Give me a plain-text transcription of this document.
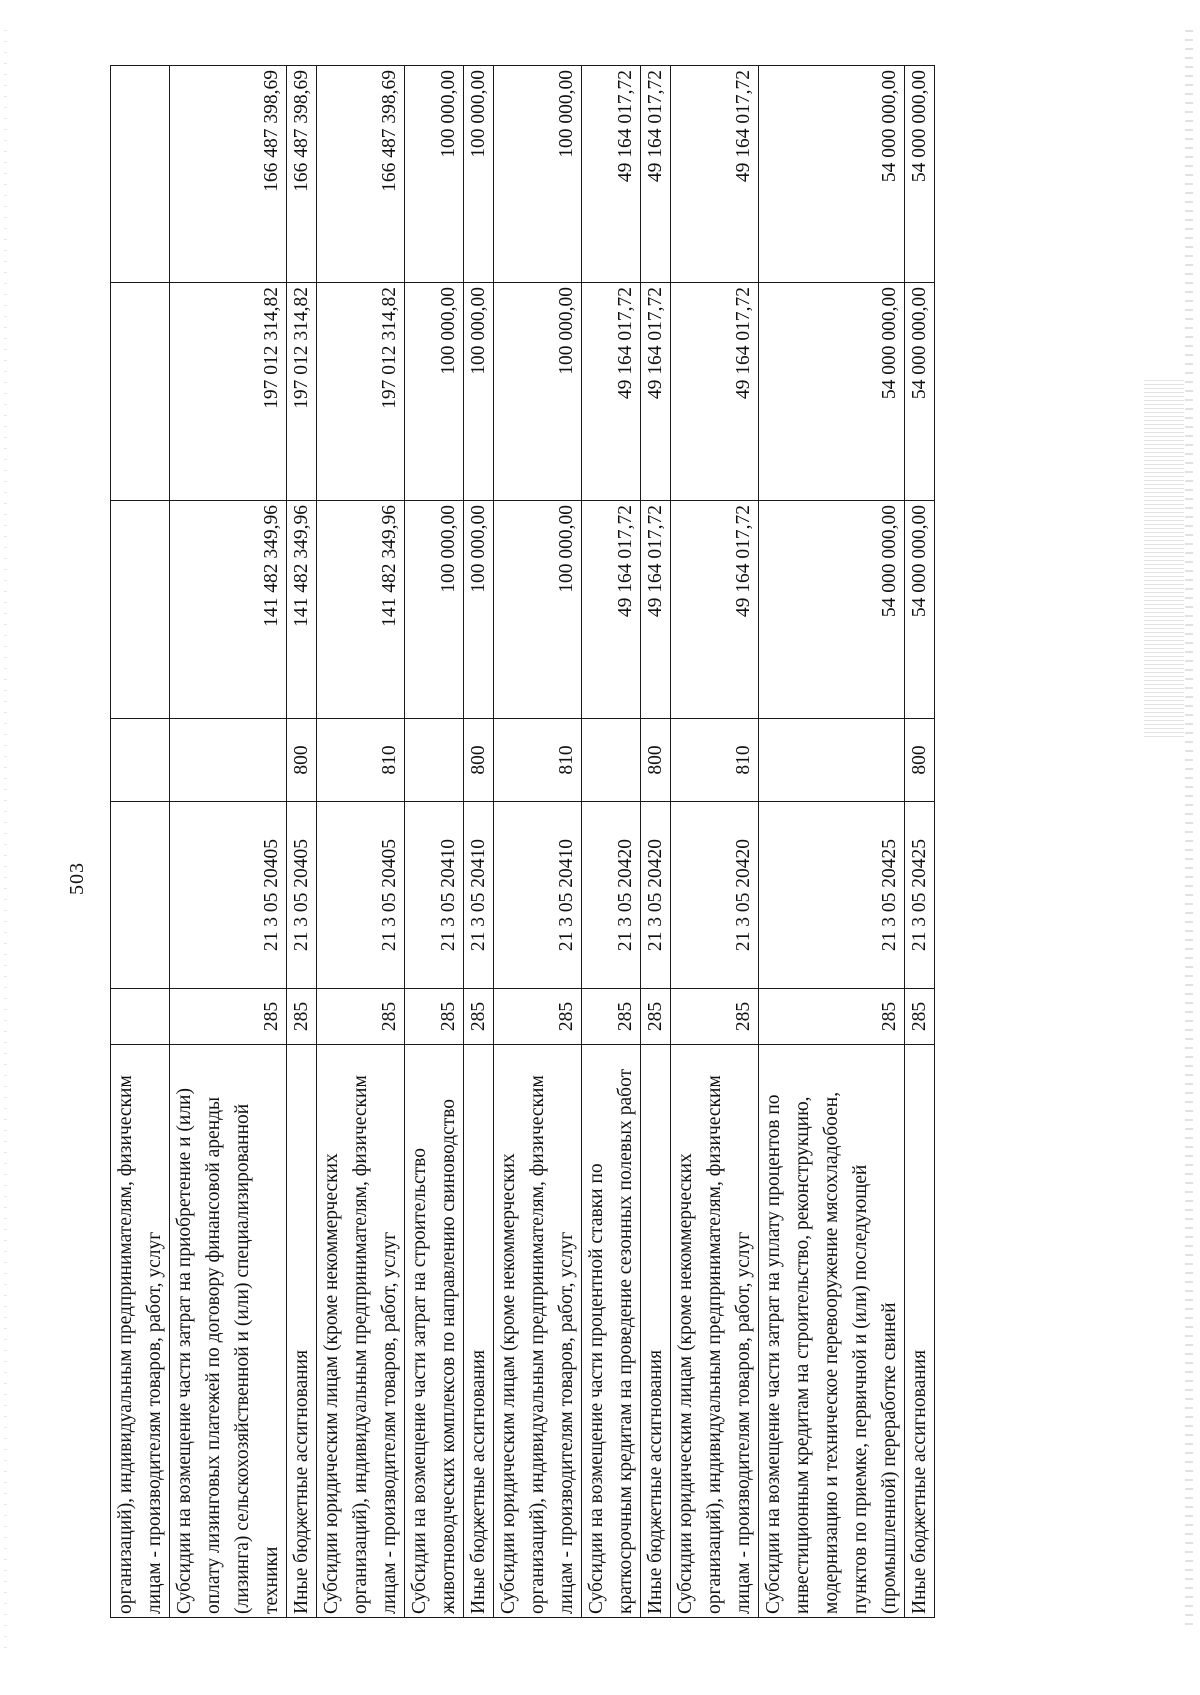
503
организаций), индивидуальным предпринимателям, физическим лицам - производителям товаров, работ, услуг						
Субсидии на возмещение части затрат на приобретение и (или) оплату лизинговых платежей по договору финансовой аренды (лизинга) сельскохозяйственной и (или) специализированной техники	285	21 3 05 20405		141 482 349,96	197 012 314,82	166 487 398,69
Иные бюджетные ассигнования	285	21 3 05 20405	800	141 482 349,96	197 012 314,82	166 487 398,69
Субсидии юридическим лицам (кроме некоммерческих организаций), индивидуальным предпринимателям, физическим лицам - производителям товаров, работ, услуг	285	21 3 05 20405	810	141 482 349,96	197 012 314,82	166 487 398,69
Субсидии на возмещение части затрат на строительство животноводческих комплексов по направлению свиноводство	285	21 3 05 20410		100 000,00	100 000,00	100 000,00
Иные бюджетные ассигнования	285	21 3 05 20410	800	100 000,00	100 000,00	100 000,00
Субсидии юридическим лицам (кроме некоммерческих организаций), индивидуальным предпринимателям, физическим лицам - производителям товаров, работ, услуг	285	21 3 05 20410	810	100 000,00	100 000,00	100 000,00
Субсидии на возмещение части процентной ставки по краткосрочным кредитам на проведение сезонных полевых работ	285	21 3 05 20420		49 164 017,72	49 164 017,72	49 164 017,72
Иные бюджетные ассигнования	285	21 3 05 20420	800	49 164 017,72	49 164 017,72	49 164 017,72
Субсидии юридическим лицам (кроме некоммерческих организаций), индивидуальным предпринимателям, физическим лицам - производителям товаров, работ, услуг	285	21 3 05 20420	810	49 164 017,72	49 164 017,72	49 164 017,72
Субсидии на возмещение части затрат на уплату процентов по инвестиционным кредитам на строительство, реконструкцию, модернизацию и техническое перевооружение мясохладобоен, пунктов по приемке, первичной и (или) последующей (промышленной) переработке свиней	285	21 3 05 20425		54 000 000,00	54 000 000,00	54 000 000,00
Иные бюджетные ассигнования	285	21 3 05 20425	800	54 000 000,00	54 000 000,00	54 000 000,00
